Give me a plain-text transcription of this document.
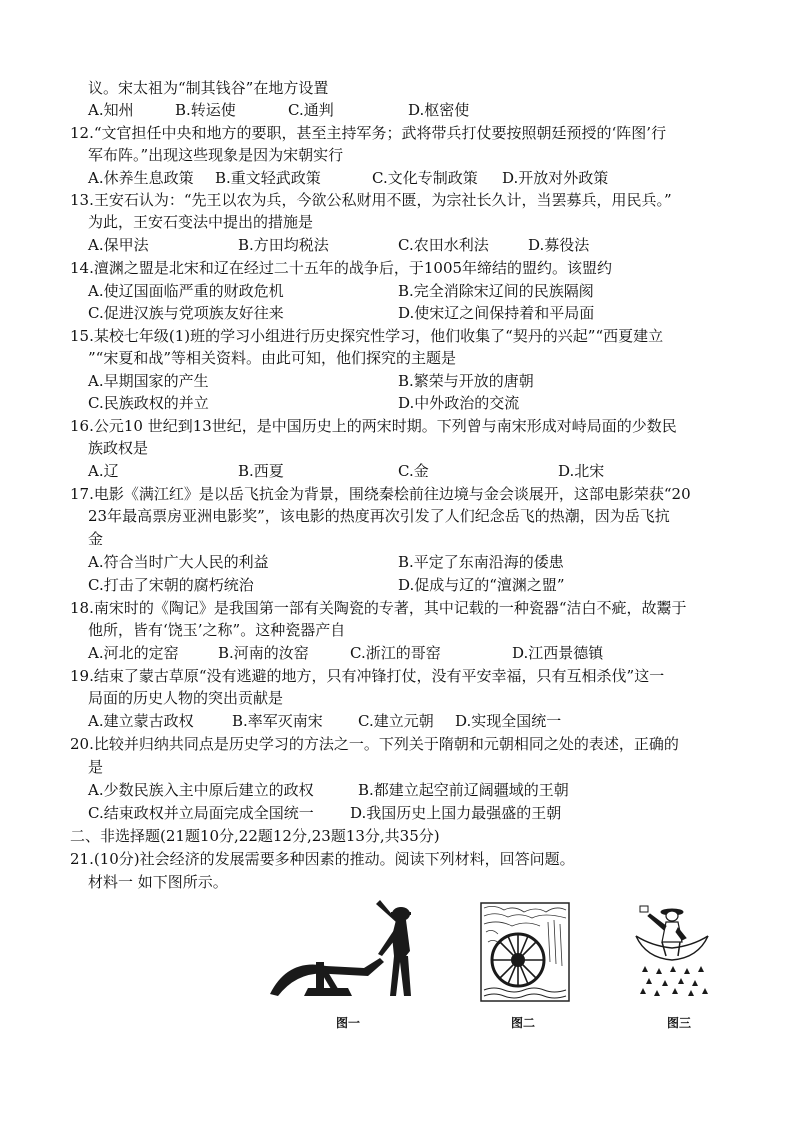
议。宋太祖为“制其钱谷”在地方设置
A.知州	B.转运使	C.通判	D.枢密使
12.“文官担任中央和地方的要职，甚至主持军务；武将带兵打仗要按照朝廷预授的‘阵图’行
军布阵。”出现这些现象是因为宋朝实行
A.休养生息政策 B.重文轻武政策	C.文化专制政策 D.开放对外政策
13.王安石认为：“先王以农为兵，今欲公私财用不匮，为宗社长久计，当罢募兵，用民兵。”
为此，王安石变法中提出的措施是
A.保甲法	B.方田均税法	C.农田水利法	D.募役法
14.澶渊之盟是北宋和辽在经过二十五年的战争后，于1005年缔结的盟约。该盟约
A.使辽国面临严重的财政危机	B.完全消除宋辽间的民族隔阂
C.促进汉族与党项族友好往来	D.使宋辽之间保持着和平局面
15.某校七年级(1)班的学习小组进行历史探究性学习，他们收集了“契丹的兴起”“西夏建立
”“宋夏和战”等相关资料。由此可知，他们探究的主题是
A.早期国家的产生	B.繁荣与开放的唐朝
C.民族政权的并立	D.中外政治的交流
16.公元10 世纪到13世纪，是中国历史上的两宋时期。下列曾与南宋形成对峙局面的少数民
族政权是
A.辽	B.西夏	C.金	D.北宋
17.电影《满江红》是以岳飞抗金为背景，围绕秦桧前往边境与金会谈展开，这部电影荣获“20
23年最高票房亚洲电影奖”，该电影的热度再次引发了人们纪念岳飞的热潮，因为岳飞抗
金
A.符合当时广大人民的利益	B.平定了东南沿海的倭患
C.打击了宋朝的腐朽统治	D.促成与辽的“澶渊之盟”
18.南宋时的《陶记》是我国第一部有关陶瓷的专著，其中记载的一种瓷器“洁白不疵，故鬻于
他所，皆有‘饶玉’之称”。这种瓷器产自
A.河北的定窑	B.河南的汝窑	C.浙江的哥窑	D.江西景德镇
19.结束了蒙古草原“没有逃避的地方，只有冲锋打仗，没有平安幸福，只有互相杀伐”这一
局面的历史人物的突出贡献是
A.建立蒙古政权	B.率军灭南宋 C.建立元朝 D.实现全国统一
20.比较并归纳共同点是历史学习的方法之一。下列关于隋朝和元朝相同之处的表述，正确的
是
A.少数民族入主中原后建立的政权	B.都建立起空前辽阔疆域的王朝
C.结束政权并立局面完成全国统一 D.我国历史上国力最强盛的王朝
二、非选择题(21题10分,22题12分,23题13分,共35分)
21.(10分)社会经济的发展需要多种因素的推动。阅读下列材料，回答问题。
材料一 如下图所示。
图一	图二	图三
